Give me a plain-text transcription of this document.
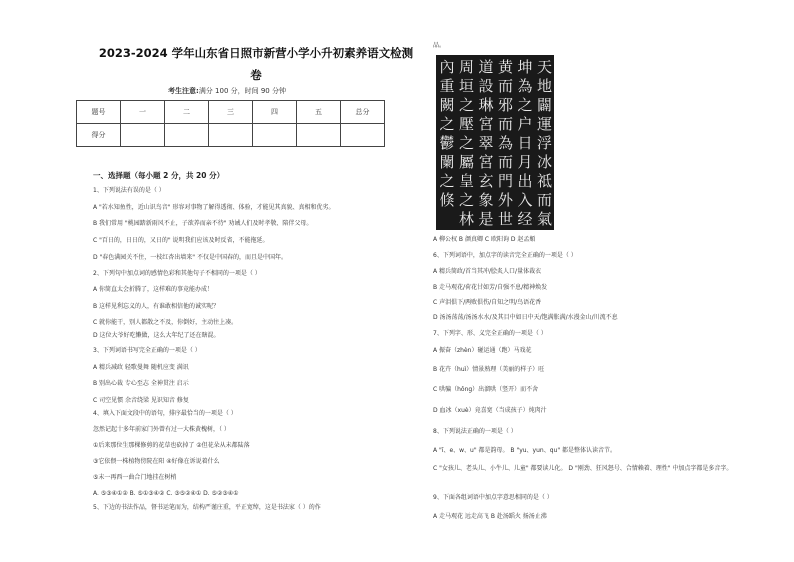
2023-2024 学年山东省日照市新营小学小升初素养语文检测
卷
考生注意:满分 100 分，时间 90 分钟
题号	一	二	三	四	五	总分
得分						
一、选择题（每小题 2 分，共 20 分）
1、下列说法有误的是（ ）
A "若水知鱼性，近山识鸟音" 形容对事物了解得透彻、体验，才能见其真貌、真相和优劣。
B 我们常用 "桃园踏新雨风不止，子欲养而亲不待" 劝诫人们及时孝敬、陪伴父母。
C "百日的，日日的，又日的" 说明我们应该及时反省，不能拖延。
D "春色满园关不住，一枝红杏出墙来" 不仅是中国春的，而且是中国年。
2、下列句中加点词的感情色彩和其他句子不相同的一项是（ ）
A 你简直太会折腾了，这样难的事竟能办成！
B 这样见利忘义的人，有谁敢相信他的诚实呢？
C 就你能干，别人都散之不及，你倒好，主动往上凑。
D 这位大爷好吃懒做，这么大年纪了还在瞎混。
3、下列词语书写完全正确的一项是（ ）
A 精兵减政 轻歌曼舞 随机应变 满讯
B 别出心裁 专心至志 全神贯注 启示
C 司空见惯 余音绕梁 见识知音 修复
4、填入下面文段中的语句，排序最恰当的一项是（ ）
忽然记起十多年前家门外曾有过一大株黄槐树，（ ）
①后来那位生那棵修剪的花草也砍掉了 ②但花朵从未都陆落
③它依偎一株植物傍院在阳 ④好像在诉说着什么
⑤末一再西一曲合门地挂在树梢
A. ⑤③④①② B. ⑤①③④② C. ③⑤②④① D. ⑤②③④①
5、下边的书法作品，督书运笔而为，结构严谨庄重，平正宽绰，这是书法家（ ）的作
品。
A 柳公权 B 颜真卿 C 欧阳询 D 赵孟頫
6、下列词语中，加点字的读音完全正确的一项是（ ）
A 精兵简政/首当其冲/脍炙人口/量体裁衣
B 走马观花/荷花甘如芳/自强不息/精神焕发
C 声泪俱下/两败俱伤/自知之明/鸟语花香
D 汤汤荡荡/汤汤水水/及其目中如日中天/饱满胀满/水漫金山/川流不息
7、下列字、形、义完全正确的一项是（ ）
A 振奋（zhèn）碰运通（跑）马戏花
B 花卉（huì）情景熟理（美丽的样子）旺
C 哄骗（hǒng）出溜哄（竖开）而不舍
D 血冰（xuè）竟喜宽（当成孩子）炖肉汁
8、下列说法正确的一项是（ ）
A "ī、e、w、u" 都是韵母。 B "yu、yun、qu" 都是整体认读音节。
C "女孩儿、老头儿、小牛儿、儿童" 都要读儿化。 D "刚劲、狂风怒号、合情赖着、理性" 中加点字都是多音字。
9、下面各组词语中加点字意思相同的是（ ）
A 走马观花 远走高飞 B 赴汤蹈火 扬汤止沸
天
地
闢
運
浮
冰
祗
而
氣
坤
為
之
户
日
月
出
入
经
黄
而
邪
而
為
而
門
外
世
道
設
琳
宮
翠
宮
玄
象
是
周
垣
之
壓
之
屬
皇
之
林
內
重
闕
之
鬱
闌
之
倏
